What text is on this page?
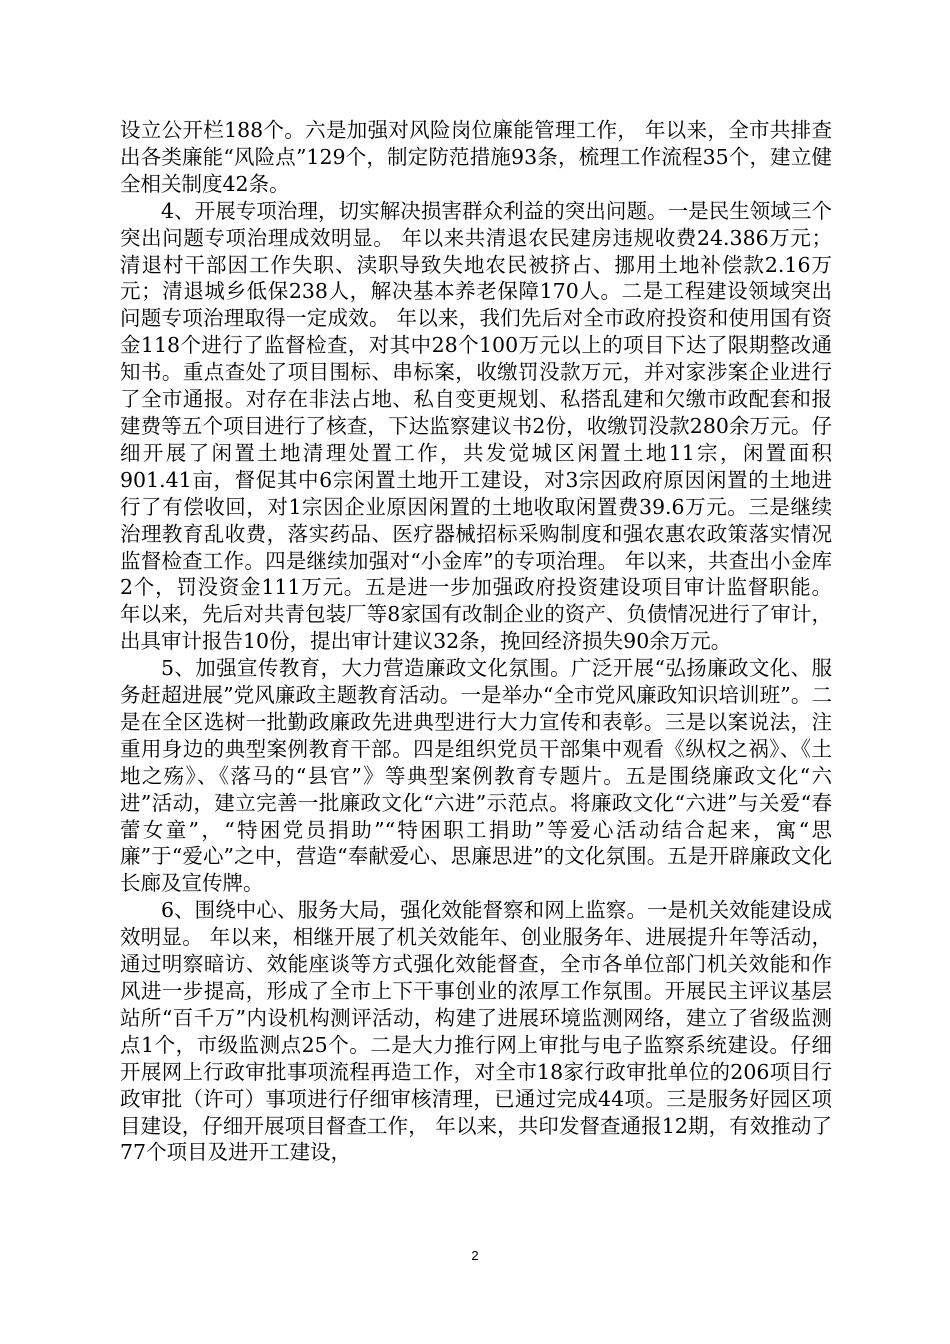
设立公开栏188个。六是加强对风险岗位廉能管理工作， 年以来，全市共排查出各类廉能“风险点”129个，制定防范措施93条，梳理工作流程35个，建立健全相关制度42条。

4、开展专项治理，切实解决损害群众利益的突出问题。一是民生领域三个突出问题专项治理成效明显。 年以来共清退农民建房违规收费24.386万元；清退村干部因工作失职、渎职导致失地农民被挤占、挪用土地补偿款2.16万元；清退城乡低保238人，解决基本养老保障170人。二是工程建设领域突出问题专项治理取得一定成效。 年以来，我们先后对全市政府投资和使用国有资金118个进行了监督检查，对其中28个100万元以上的项目下达了限期整改通知书。重点查处了项目围标、串标案，收缴罚没款万元，并对家涉案企业进行了全市通报。对存在非法占地、私自变更规划、私搭乱建和欠缴市政配套和报建费等五个项目进行了核查，下达监察建议书2份，收缴罚没款280余万元。仔细开展了闲置土地清理处置工作，共发觉城区闲置土地11宗，闲置面积901.41亩，督促其中6宗闲置土地开工建设，对3宗因政府原因闲置的土地进行了有偿收回，对1宗因企业原因闲置的土地收取闲置费39.6万元。三是继续治理教育乱收费，落实药品、医疗器械招标采购制度和强农惠农政策落实情况监督检查工作。四是继续加强对“小金库”的专项治理。 年以来，共查出小金库2个，罚没资金111万元。五是进一步加强政府投资建设项目审计监督职能。 年以来，先后对共青包装厂等8家国有改制企业的资产、负债情况进行了审计，出具审计报告10份，提出审计建议32条，挽回经济损失90余万元。

5、加强宣传教育，大力营造廉政文化氛围。广泛开展“弘扬廉政文化、服务赶超进展”党风廉政主题教育活动。一是举办“全市党风廉政知识培训班”。二是在全区选树一批勤政廉政先进典型进行大力宣传和表彰。三是以案说法，注重用身边的典型案例教育干部。四是组织党员干部集中观看《纵权之祸》、《土地之殇》、《落马的“县官”》等典型案例教育专题片。五是围绕廉政文化“六进”活动，建立完善一批廉政文化“六进”示范点。将廉政文化“六进”与关爱“春蕾女童”，“特困党员捐助”“特困职工捐助”等爱心活动结合起来，寓“思廉”于“爱心”之中，营造“奉献爱心、思廉思进”的文化氛围。五是开辟廉政文化长廊及宣传牌。

6、围绕中心、服务大局，强化效能督察和网上监察。一是机关效能建设成效明显。 年以来，相继开展了机关效能年、创业服务年、进展提升年等活动，通过明察暗访、效能座谈等方式强化效能督查，全市各单位部门机关效能和作风进一步提高，形成了全市上下干事创业的浓厚工作氛围。开展民主评议基层站所“百千万”内设机构测评活动，构建了进展环境监测网络，建立了省级监测点1个，市级监测点25个。二是大力推行网上审批与电子监察系统建设。仔细开展网上行政审批事项流程再造工作，对全市18家行政审批单位的206项目行政审批（许可）事项进行仔细审核清理，已通过完成44项。三是服务好园区项目建设，仔细开展项目督查工作， 年以来，共印发督查通报12期，有效推动了77个项目及进开工建设，

2
